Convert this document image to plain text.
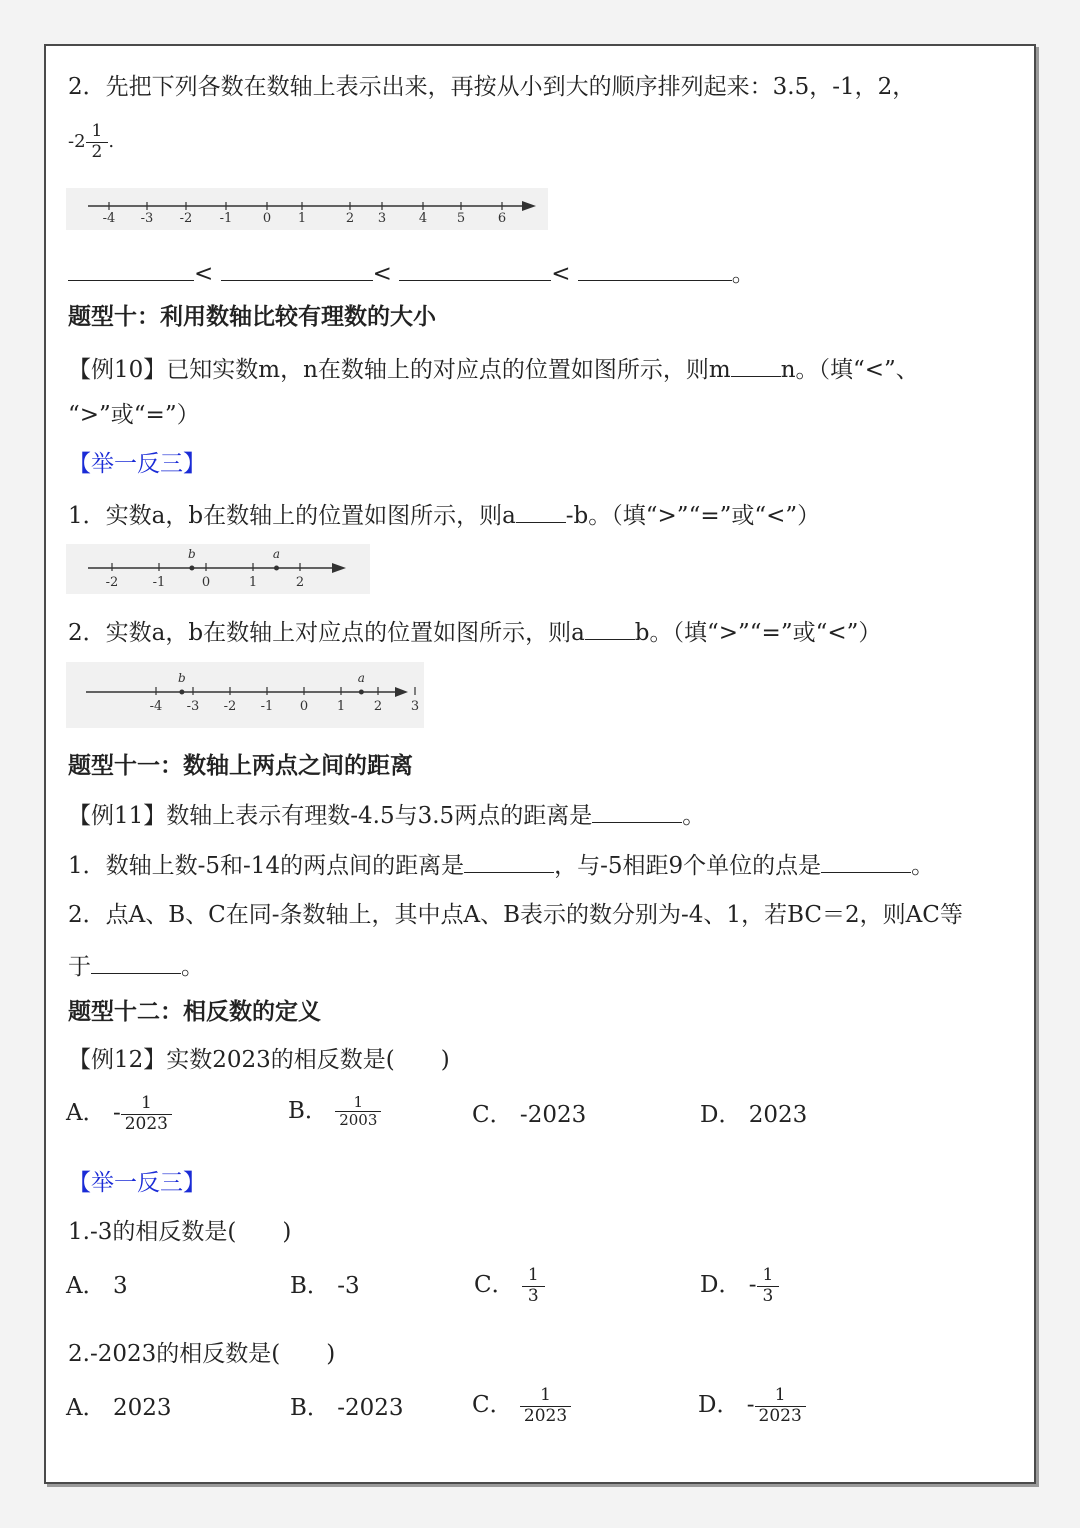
2．先把下列各数在数轴上表示出来，再按从小到大的顺序排列起来：3.5，-1，2，
$-2 \frac{1}{2}$ .
-4 -3 -2 -1 0 1	2 3	4 5	6
<	<	<	。
题型十：利用数轴比较有理数的大小
【例10】已知实数m，n在数轴上的对应点的位置如图所示，则m n。（填“<”、
“>”或“=”）
【举一反三】
1．实数a，b在数轴上的位置如图所示，则a -b。（填“>”“=”或“<”）
-2	-1	0	1	2
b	a
2．实数a，b在数轴上对应点的位置如图所示，则a b。（填“>”“=”或“<”）
-4 -3 -2 -1 0 1 2 3
b	a
题型十一：数轴上两点之间的距离
【例11】数轴上表示有理数-4.5与3.5两点的距离是	。
1．数轴上数-5和-14的两点间的距离是	，与-5相距9个单位的点是	。
2．点A、B、C在同-条数轴上，其中点A、B表示的数分别为-4、1，若BC＝2，则AC等
于	。
题型十二：相反数的定义
【例12】实数2023的相反数是(　　)
A． - $\frac{1}{2023}$	B． $\frac{1}{2003}$	C． -2023	D． 2023
【举一反三】
1.-3的相反数是(　　)
A． 3	B． -3	C． $\frac{1}{3}$	D． - $\frac{1}{3}$
2.-2023的相反数是(　　)
A． 2023	B． -2023	C． $\frac{1}{2023}$	D． - $\frac{1}{2023}$
